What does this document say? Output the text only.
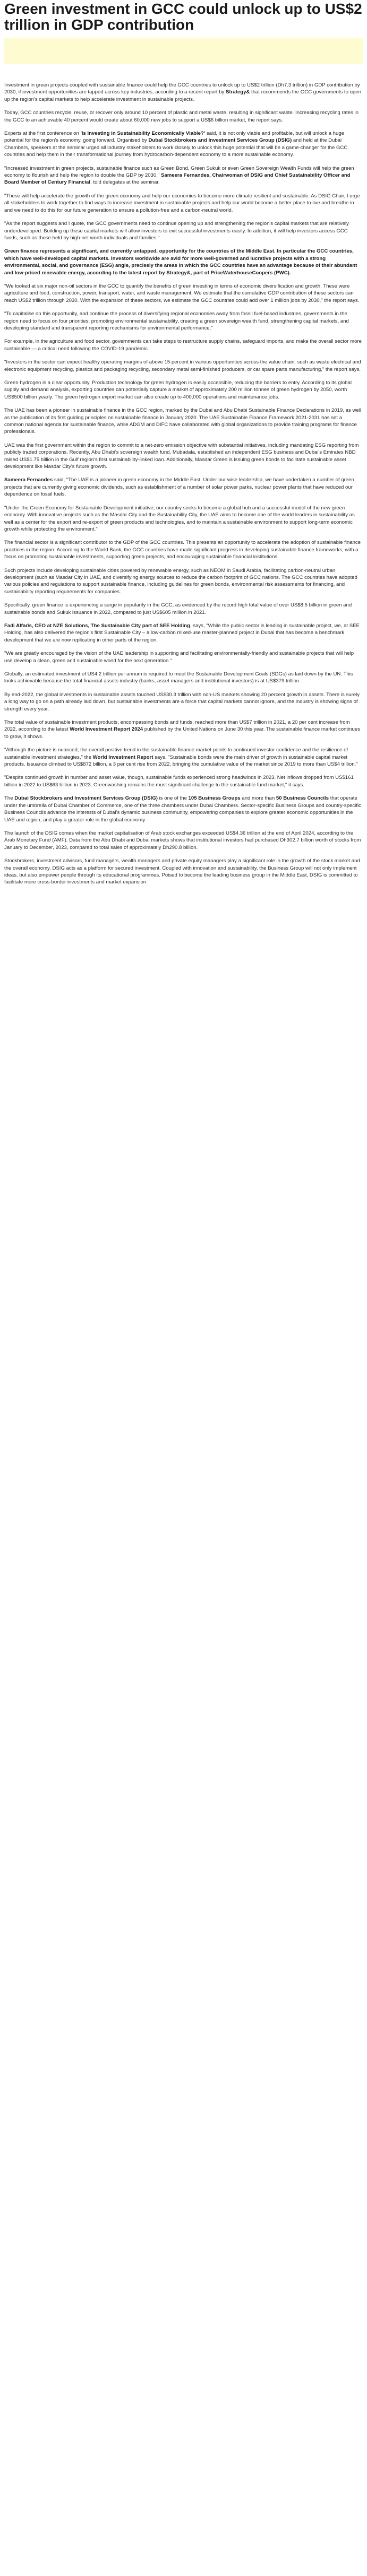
Green investment in GCC could unlock up to US$2 trillion in GDP contribution

Investment in green projects coupled with sustainable finance could help the GCC countries to unlock up to US$2 trillion (Dh7.3 trillion) in GDP contribution by 2030, if investment opportunities are tapped across key industries, according to a recent report by Strategy& that recommends the GCC governments to open up the region's capital markets to help accelerate investment in sustainable projects.

Today, GCC countries recycle, reuse, or recover only around 10 percent of plastic and metal waste, resulting in significant waste. Increasing recycling rates in the GCC to an achievable 40 percent would create about 60,000 new jobs to support a US$6 billion market, the report says.

Experts at the first conference on 'Is Investing in Sustainability Economically Viable?' said, it is not only viable and profitable, but will unlock a huge potential for the region's economy, going forward. Organised by Dubai Stockbrokers and Investment Services Group (DSIG) and held at the Dubai Chambers, speakers at the seminar urged all industry stakeholders to work closely to unlock this huge potential that will be a game-changer for the GCC countries and help them in their transformational journey from hydrocarbon-dependent economy to a more sustainable economy.

"Increased investment in green projects, sustainable finance such as Green Bond, Green Sukuk or even Green Sovereign Wealth Funds will help the green economy to flourish and help the region to double the GDP by 2030," Sameera Fernandes, Chairwoman of DSIG and Chief Sustainability Officer and Board Member of Century Financial, told delegates at the seminar.

"These will help accelerate the growth of the green economy and help our economies to become more climate resilient and sustainable. As DSIG Chair, I urge all stakeholders to work together to find ways to increase investment in sustainable projects and help our world become a better place to live and breathe in and we need to do this for our future generation to ensure a pollution-free and a carbon-neutral world.

"As the report suggests and I quote, the GCC governments need to continue opening up and strengthening the region's capital markets that are relatively underdeveloped. Building up these capital markets will allow investors to exit successful investments easily. In addition, it will help investors access GCC funds, such as those held by high-net worth individuals and families."

Green finance represents a significant, and currently untapped, opportunity for the countries of the Middle East. In particular the GCC countries, which have well-developed capital markets. Investors worldwide are avid for more well-governed and lucrative projects with a strong environmental, social, and governance (ESG) angle, precisely the areas in which the GCC countries have an advantage because of their abundant and low-priced renewable energy, according to the latest report by Strategy&, part of PriceWaterhouseCoopers (PWC).

"We looked at six major non-oil sectors in the GCC to quantify the benefits of green investing in terms of economic diversification and growth. These were agriculture and food, construction, power, transport, water, and waste management. We estimate that the cumulative GDP contribution of these sectors can reach US$2 trillion through 2030. With the expansion of these sectors, we estimate the GCC countries could add over 1 million jobs by 2030," the report says.

"To capitalise on this opportunity, and continue the process of diversifying regional economies away from fossil fuel-based industries, governments in the region need to focus on four priorities: promoting environmental sustainability, creating a green sovereign wealth fund, strengthening capital markets, and developing standard and transparent reporting mechanisms for environmental performance."

For example, in the agriculture and food sector, governments can take steps to restructure supply chains, safeguard imports, and make the overall sector more sustainable — a critical need following the COVID-19 pandemic.

"Investors in the sector can expect healthy operating margins of above 15 percent in various opportunities across the value chain, such as waste electrical and electronic equipment recycling, plastics and packaging recycling, secondary metal semi-finished producers, or car spare parts manufacturing," the report says.

Green hydrogen is a clear opportunity. Production technology for green hydrogen is easily accessible, reducing the barriers to entry. According to its global supply and demand analysis, exporting countries can potentially capture a market of approximately 200 million tonnes of green hydrogen by 2050, worth US$500 billion yearly. The green hydrogen export market can also create up to 400,000 operations and maintenance jobs.

The UAE has been a pioneer in sustainable finance in the GCC region, marked by the Dubai and Abu Dhabi Sustainable Finance Declarations in 2019, as well as the publication of its first guiding principles on sustainable finance in January 2020. The UAE Sustainable Finance Framework 2021-2031 has set a common national agenda for sustainable finance, while ADGM and DIFC have collaborated with global organizations to provide training programs for finance professionals.

UAE was the first government within the region to commit to a net-zero emission objective with substantial initiatives, including mandating ESG reporting from publicly traded corporations. Recently, Abu Dhabi's sovereign wealth fund, Mubadala, established an independent ESG business and Dubai's Emirates NBD raised US$1.75 billion in the Gulf region's first sustainability-linked loan. Additionally, Masdar Green is issuing green bonds to facilitate sustainable asset development like Masdar City's future growth.

Sameera Fernandes said, "The UAE is a pioneer in green economy in the Middle East. Under our wise leadership, we have undertaken a number of green projects that are currently giving economic dividends, such as establishment of a number of solar power parks, nuclear power plants that have reduced our dependence on fossil fuels.

"Under the Green Economy for Sustainable Development initiative, our country seeks to become a global hub and a successful model of the new green economy. With innovative projects such as the Masdar City and the Sustainability City, the UAE aims to become one of the world leaders in sustainability as well as a center for the export and re-export of green products and technologies, and to maintain a sustainable environment to support long-term economic growth while protecting the environment."

The financial sector is a significant contributor to the GDP of the GCC countries. This presents an opportunity to accelerate the adoption of sustainable finance practices in the region. According to the World Bank, the GCC countries have made significant progress in developing sustainable finance frameworks, with a focus on promoting sustainable investments, supporting green projects, and encouraging sustainable financial institutions.

Such projects include developing sustainable cities powered by renewable energy, such as NEOM in Saudi Arabia, facilitating carbon-neutral urban development (such as Masdar City in UAE, and diversifying energy sources to reduce the carbon footprint of GCC nations. The GCC countries have adopted various policies and regulations to support sustainable finance, including guidelines for green bonds, environmental risk assessments for financing, and sustainability reporting requirements for companies.

Specifically, green finance is experiencing a surge in popularity in the GCC, as evidenced by the record high total value of over US$8.5 billion in green and sustainable bonds and Sukuk issuance in 2022, compared to just US$605 million in 2021.

Fadi Alfaris, CEO at NZE Solutions, The Sustainable City part of SEE Holding, says, "While the public sector is leading in sustainable project, we, at SEE Holding, has also delivered the region's first Sustainable City – a low-carbon mixed-use master-planned project in Dubai that has become a benchmark development that we are now replicating in other parts of the region.

"We are greatly encouraged by the vision of the UAE leadership in supporting and facilitating environmentally-friendly and sustainable projects that will help use develop a clean, green and sustainable world for the next generation."

Globally, an estimated investment of US4.2 trillion per annum is required to meet the Sustainable Development Goals (SDGs) as laid down by the UN. This looks achievable because the total financial assets industry (banks, asset managers and institutional investors) is at US$379 trillion.

By end-2022, the global investments in sustainable assets touched US$30.3 trillion with non-US markets showing 20 percent growth in assets. There is surely a long way to go on a path already laid down, but sustainable investments are a force that capital markets cannot ignore, and the industry is showing signs of strength every year.

The total value of sustainable investment products, encompassing bonds and funds, reached more than US$7 trillion in 2021, a 20 per cent increase from 2022, according to the latest World Investment Report 2024 published by the United Nations on June 30 this year. The sustainable finance market continues to grow, it shows.

"Although the picture is nuanced, the overall positive trend in the sustainable finance market points to continued investor confidence and the resilience of sustainable investment strategies," the World Investment Report says. "Sustainable bonds were the main driver of growth in sustainable capital market products. Issuance climbed to US$872 billion, a 3 per cent rise from 2022, bringing the cumulative value of the market since 2019 to more than US$4 trillion."

"Despite continued growth in number and asset value, though, sustainable funds experienced strong headwinds in 2023. Net inflows dropped from US$161 billion in 2022 to US$63 billion in 2023. Greenwashing remains the most significant challenge to the sustainable fund market," it says.

The Dubai Stockbrokers and Investment Services Group (DSIG) is one of the 105 Business Groups and more than 50 Business Councils that operate under the umbrella of Dubai Chamber of Commerce, one of the three chambers under Dubai Chambers. Sector-specific Business Groups and country-specific Business Councils advance the interests of Dubai's dynamic business community, empowering companies to explore greater economic opportunities in the UAE and region, and play a greater role in the global economy.

The launch of the DSIG comes when the market capitalisation of Arab stock exchanges exceeded US$4.36 trillion at the end of April 2024, according to the Arab Monetary Fund (AMF). Data from the Abu Dhabi and Dubai markets shows that institutional investors had purchased Dh302.7 billion worth of stocks from January to December, 2023, compared to total sales of approximately Dh290.8 billion.

Stockbrokers, investment advisors, fund managers, wealth managers and private equity managers play a significant role in the growth of the stock market and the overall economy. DSIG acts as a platform for secured investment. Coupled with innovation and sustainability, the Business Group will not only implement ideas, but also empower people through its educational programmes. Poised to become the leading business group in the Middle East, DSIG is committed to facilitate more cross-border investments and market expansion.
